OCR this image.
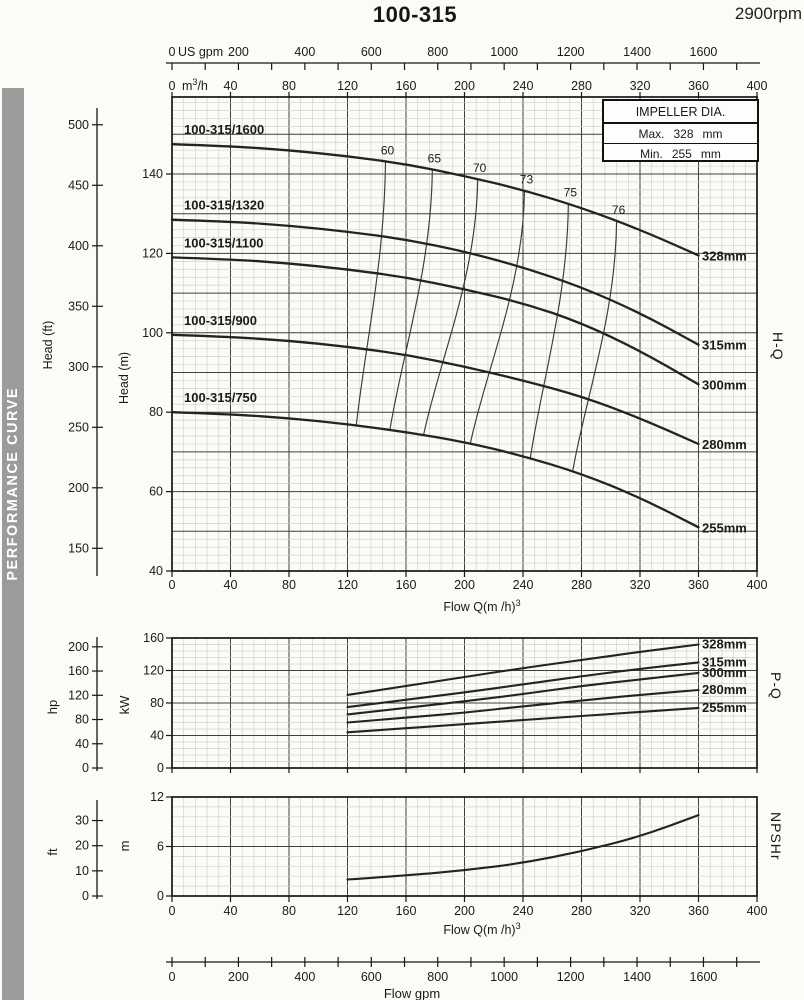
PERFORMANCE CURVE
100-315	2900rpm
IMPELLER DIA.
Max. 328 mm
Min. 255 mm
H-Q
P-Q
NPSHr
0 US gpm 200	400	600	800	1000	1200	1400	1600
0 $m^3/h$ 40	80	120	160	200	240	280	320	360	400
0	40	80	120	160	200	240	280	320	360	400
Flow Q(m /h)$^3$
40
60
80
100
120
140
Head (m)
150
200
250
300
350
400
450
500
Head (ft)
60
65
70
73
75
76
100-315/1600
328mm
100-315/1320
315mm
100-315/1100
300mm
100-315/900
280mm
100-315/750
255mm
0
40
80
120
160
kW
0
40
80
120
160
200
hp
328mm
315mm
300mm
280mm
255mm
0	40	80	120	160	200	240	280	320	360	400
Flow Q(m /h)$^3$
0
6
12
m
0
10
20
30
ft
0	200	400	600	800	1000	1200	1400	1600
Flow gpm
